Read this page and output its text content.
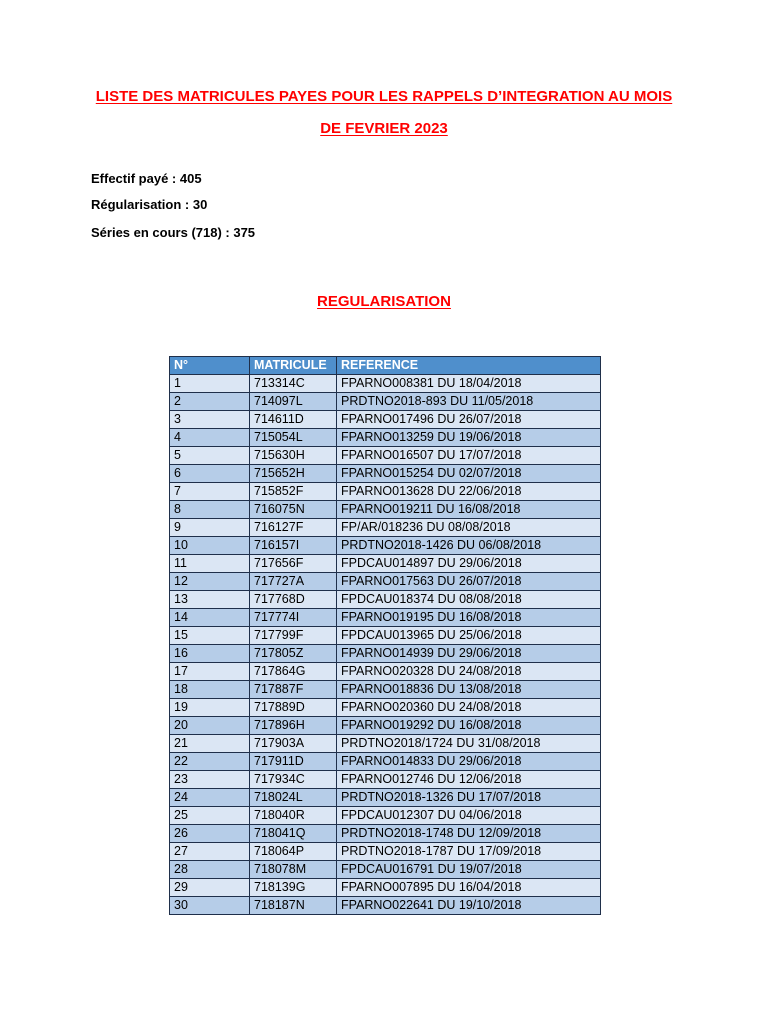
LISTE DES MATRICULES PAYES POUR LES RAPPELS D’INTEGRATION AU MOIS
DE FEVRIER 2023
Effectif payé : 405
Régularisation : 30
Séries en cours (718) : 375
REGULARISATION
N°	MATRICULE	REFERENCE
1	713314C	FPARNO008381 DU 18/04/2018
2	714097L	PRDTNO2018-893 DU 11/05/2018
3	714611D	FPARNO017496 DU 26/07/2018
4	715054L	FPARNO013259 DU 19/06/2018
5	715630H	FPARNO016507 DU 17/07/2018
6	715652H	FPARNO015254 DU 02/07/2018
7	715852F	FPARNO013628 DU 22/06/2018
8	716075N	FPARNO019211 DU 16/08/2018
9	716127F	FP/AR/018236 DU 08/08/2018
10	716157I	PRDTNO2018-1426 DU 06/08/2018
11	717656F	FPDCAU014897 DU 29/06/2018
12	717727A	FPARNO017563 DU 26/07/2018
13	717768D	FPDCAU018374 DU 08/08/2018
14	717774I	FPARNO019195 DU 16/08/2018
15	717799F	FPDCAU013965 DU 25/06/2018
16	717805Z	FPARNO014939 DU 29/06/2018
17	717864G	FPARNO020328 DU 24/08/2018
18	717887F	FPARNO018836 DU 13/08/2018
19	717889D	FPARNO020360 DU 24/08/2018
20	717896H	FPARNO019292 DU 16/08/2018
21	717903A	PRDTNO2018/1724 DU 31/08/2018
22	717911D	FPARNO014833 DU 29/06/2018
23	717934C	FPARNO012746 DU 12/06/2018
24	718024L	PRDTNO2018-1326 DU 17/07/2018
25	718040R	FPDCAU012307 DU 04/06/2018
26	718041Q	PRDTNO2018-1748 DU 12/09/2018
27	718064P	PRDTNO2018-1787 DU 17/09/2018
28	718078M	FPDCAU016791 DU 19/07/2018
29	718139G	FPARNO007895 DU 16/04/2018
30	718187N	FPARNO022641 DU 19/10/2018
